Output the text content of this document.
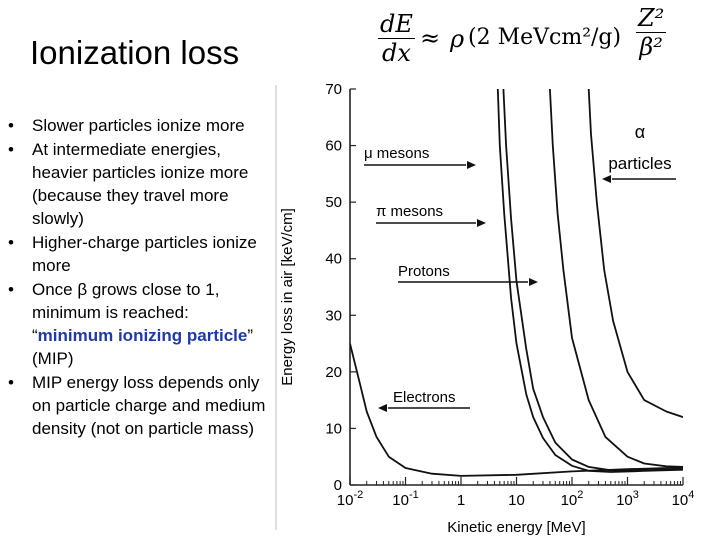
Ionization loss	$\frac{dE}{dx} \approx \rho$ (2 MeVcm²/g) $\frac{\text{Z²}}{\text{β²}}$

• Slower particles ionize more

• At intermediate energies, heavier particles ionize more (because they travel more slowly)

• Higher-charge particles ionize more

• Once β grows close to 1, minimum is reached: “minimum ionizing particle” (MIP)

• MIP energy loss depends only on particle charge and medium density (not on particle mass)

0
10
20
30
40
50
60
70
$10^{-2}$ $10^{-1}$	1	10 $10^2$ $10^3$ $10^4$
Kinetic energy [MeV]
Energy loss in air [keV/cm]
μ mesons
π mesons
Protons
Electrons
α
particles
